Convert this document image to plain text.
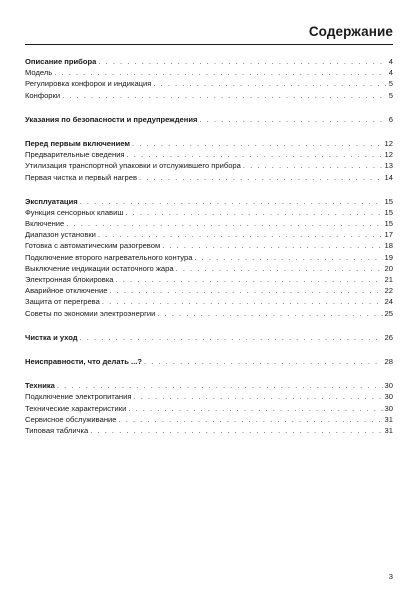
Содержание
Описание прибора . . .	4
Модель . . .	4
Регулировка конфорок и индикация . . .	5
Конфорки . . .	5
Указания по безопасности и предупреждения . . .	6
Перед первым включением . . .	12
Предварительные сведения . . .	12
Утилизация транспортной упаковки и отслужившего прибора . . .	13
Первая чистка и первый нагрев . . .	14
Эксплуатация . . .	15
Функция сенсорных клавиш . . .	15
Включение . . .	15
Диапазон установки . . .	17
Готовка с автоматическим разогревом . . .	18
Подключение второго нагревательного контура . . .	19
Выключение индикации остаточного жара . . .	20
Электронная блокировка . . .	21
Аварийное отключение . . .	22
Защита от перегрева . . .	24
Советы по экономии электроэнергии . . .	25
Чистка и уход . . .	26
Неисправности, что делать ...? . . .	28
Техника . . .	30
Подключение электропитания . . .	30
Технические характеристики . . .	30
Сервисное обслуживание . . .	31
Типовая табличка . . .	31
3
